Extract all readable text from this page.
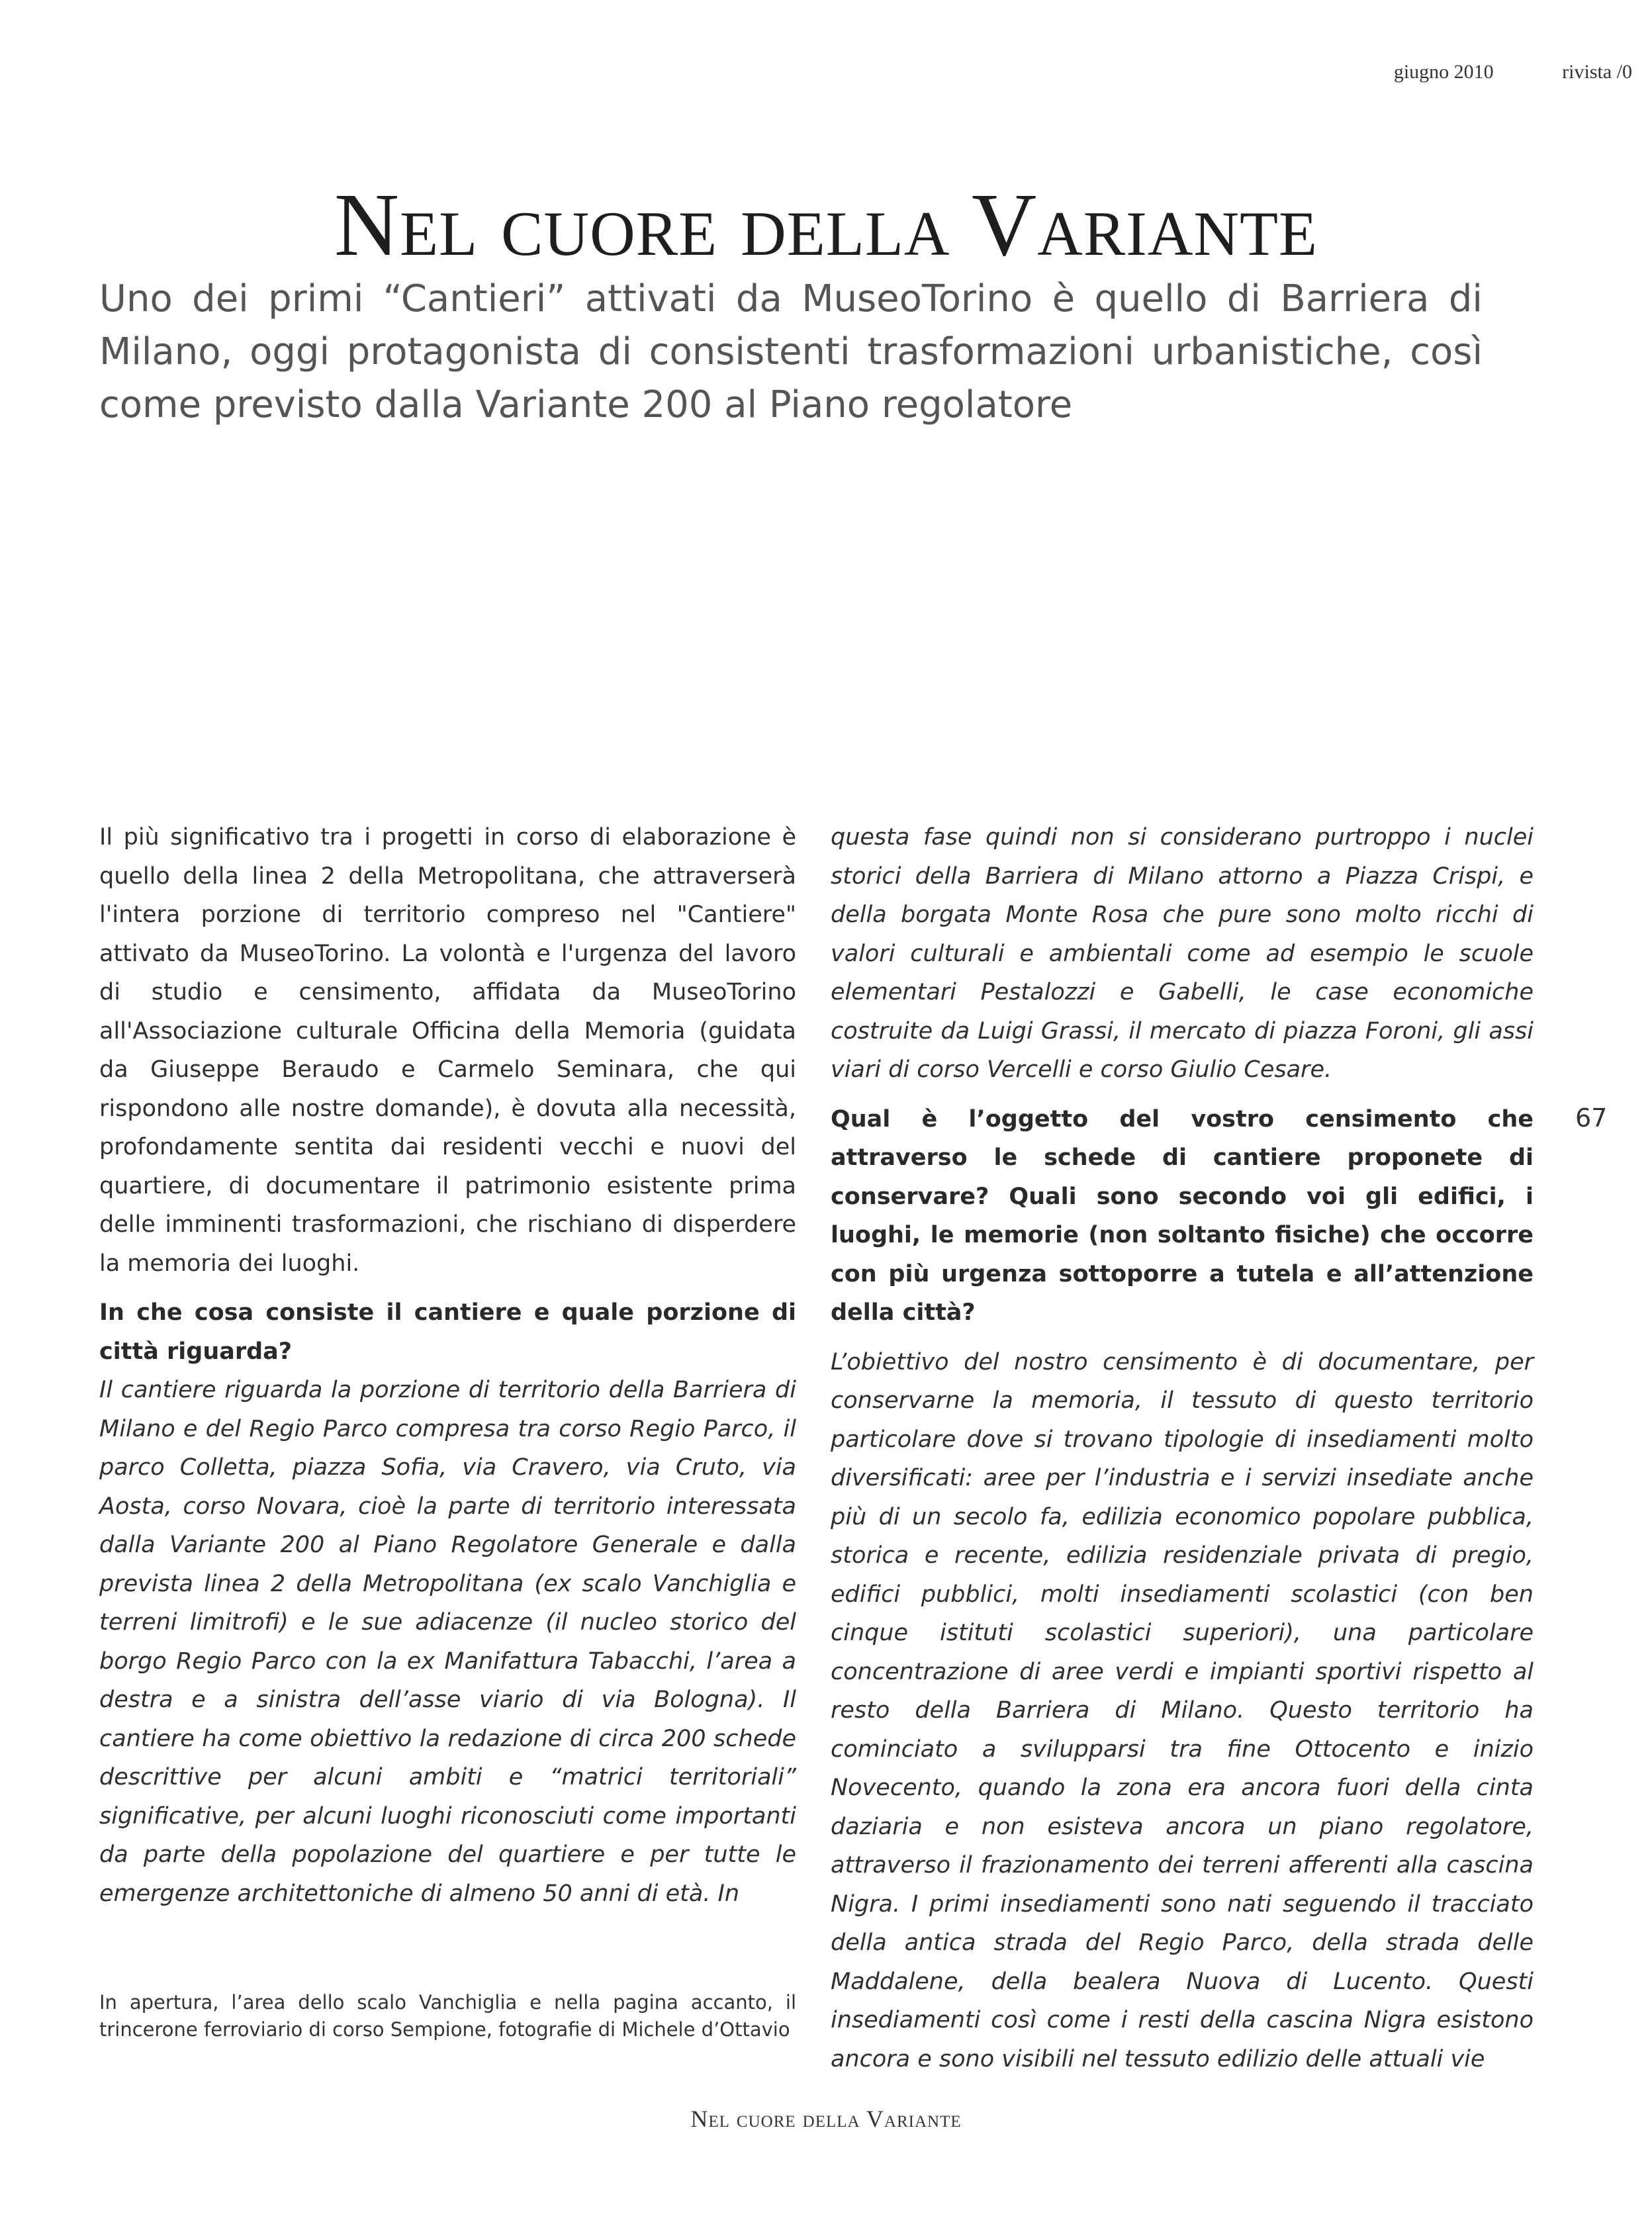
giugno 2010	rivista /0
Nel cuore della Variante

Uno dei primi “Cantieri” attivati da MuseoTorino è quello di Barriera di Milano, oggi protagonista di consistenti trasformazioni urbanistiche, così come previsto dalla Variante 200 al Piano regolatore

Il più significativo tra i progetti in corso di elaborazione è quello della linea 2 della Metropolitana, che attraverserà l'intera porzione di territorio compreso nel "Cantiere" attivato da MuseoTorino. La volontà e l'urgenza del lavoro di studio e censimento, affidata da MuseoTorino all'Associazione culturale Officina della Memoria (guidata da Giuseppe Beraudo e Carmelo Seminara, che qui rispondono alle nostre domande), è dovuta alla necessità, profondamente sentita dai residenti vecchi e nuovi del quartiere, di documentare il patrimonio esistente prima delle imminenti trasformazioni, che rischiano di disperdere la memoria dei luoghi.

In che cosa consiste il cantiere e quale porzione di città riguarda?

Il cantiere riguarda la porzione di territorio della Barriera di Milano e del Regio Parco compresa tra corso Regio Parco, il parco Colletta, piazza Sofia, via Cravero, via Cruto, via Aosta, corso Novara, cioè la parte di territorio interessata dalla Variante 200 al Piano Regolatore Generale e dalla prevista linea 2 della Metropolitana (ex scalo Vanchiglia e terreni limitrofi) e le sue adiacenze (il nucleo storico del borgo Regio Parco con la ex Manifattura Tabacchi, l’area a destra e a sinistra dell’asse viario di via Bologna). Il cantiere ha come obiettivo la redazione di circa 200 schede descrittive per alcuni ambiti e “matrici territoriali” significative, per alcuni luoghi riconosciuti come importanti da parte della popolazione del quartiere e per tutte le emergenze architettoniche di almeno 50 anni di età. In

In apertura, l’area dello scalo Vanchiglia e nella pagina accanto, il trincerone ferroviario di corso Sempione, fotografie di Michele d’Ottavio

questa fase quindi non si considerano purtroppo i nuclei storici della Barriera di Milano attorno a Piazza Crispi, e della borgata Monte Rosa che pure sono molto ricchi di valori culturali e ambientali come ad esempio le scuole elementari Pestalozzi e Gabelli, le case economiche costruite da Luigi Grassi, il mercato di piazza Foroni, gli assi viari di corso Vercelli e corso Giulio Cesare.

Qual è l’oggetto del vostro censimento che attraverso le schede di cantiere proponete di conservare? Quali sono secondo voi gli edifici, i luoghi, le memorie (non soltanto fisiche) che occorre con più urgenza sottoporre a tutela e all’attenzione della città?

L’obiettivo del nostro censimento è di documentare, per conservarne la memoria, il tessuto di questo territorio particolare dove si trovano tipologie di insediamenti molto diversificati: aree per l’industria e i servizi insediate anche più di un secolo fa, edilizia economico popolare pubblica, storica e recente, edilizia residenziale privata di pregio, edifici pubblici, molti insediamenti scolastici (con ben cinque istituti scolastici superiori), una particolare concentrazione di aree verdi e impianti sportivi rispetto al resto della Barriera di Milano. Questo territorio ha cominciato a svilupparsi tra fine Ottocento e inizio Novecento, quando la zona era ancora fuori della cinta daziaria e non esisteva ancora un piano regolatore, attraverso il frazionamento dei terreni afferenti alla cascina Nigra. I primi insediamenti sono nati seguendo il tracciato della antica strada del Regio Parco, della strada delle Maddalene, della bealera Nuova di Lucento. Questi insediamenti così come i resti della cascina Nigra esistono ancora e sono visibili nel tessuto edilizio delle attuali vie

67
Nel cuore della Variante
